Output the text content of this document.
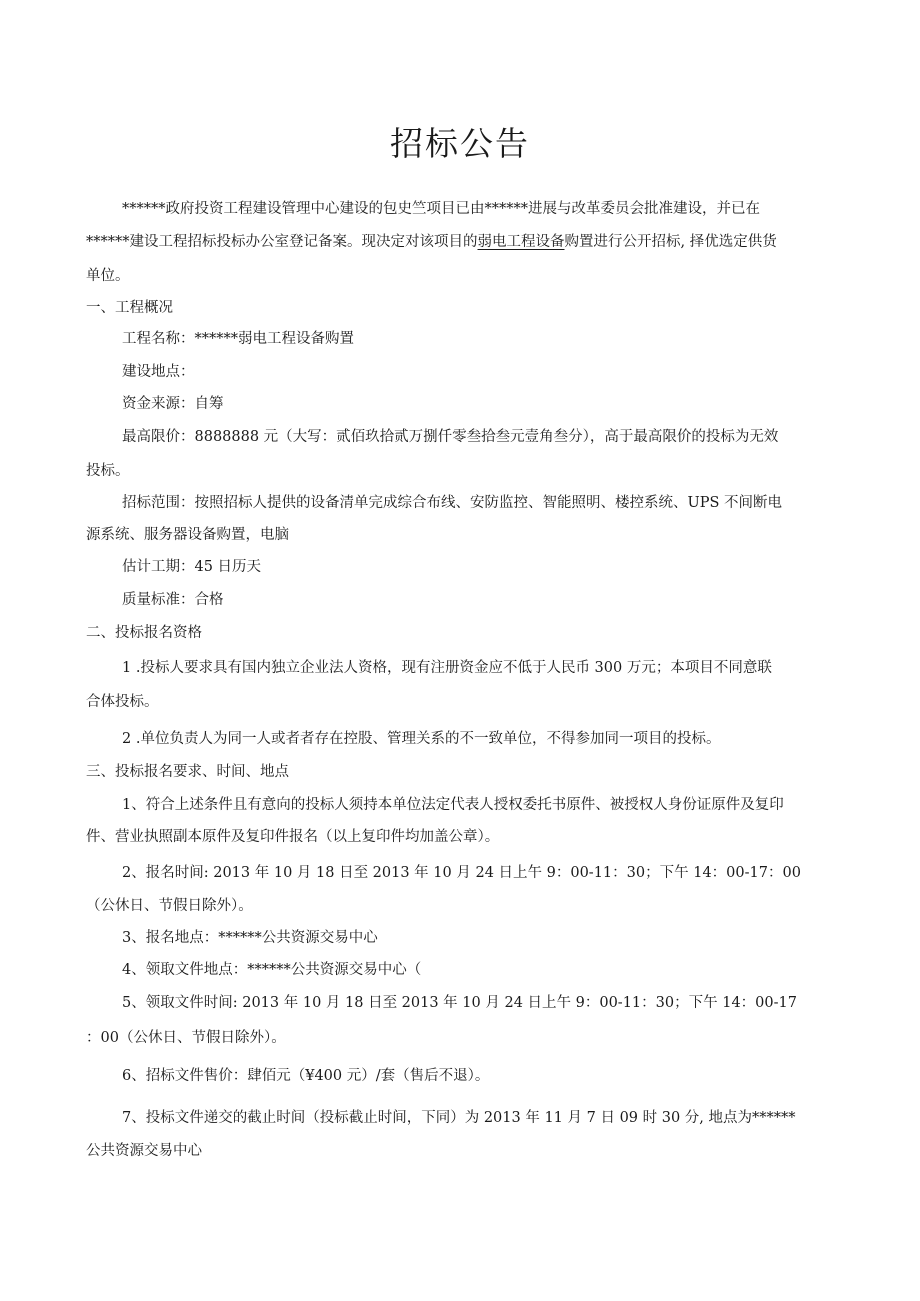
招标公告
******政府投资工程建设管理中心建设的包史竺项目已由******进展与改革委员会批准建设，并已在
******建设工程招标投标办公室登记备案。现决定对该项目的弱电工程设备购置进行公开招标, 择优选定供货
单位。
一、工程概况
工程名称：******弱电工程设备购置
建设地点：
资金来源：自筹
最高限价：8888888 元（大写：贰佰玖拾贰万捌仟零叁拾叁元壹角叁分），高于最高限价的投标为无效
投标。
招标范围：按照招标人提供的设备清单完成综合布线、安防监控、智能照明、楼控系统、UPS 不间断电
源系统、服务器设备购置，电脑
估计工期：45 日历天
质量标准：合格
二、投标报名资格
1 .投标人要求具有国内独立企业法人资格，现有注册资金应不低于人民币 300 万元；本项目不同意联
合体投标。
2 .单位负责人为同一人或者者存在控股、管理关系的不一致单位，不得参加同一项目的投标。
三、投标报名要求、时间、地点
1、符合上述条件且有意向的投标人须持本单位法定代表人授权委托书原件、被授权人身份证原件及复印
件、营业执照副本原件及复印件报名（以上复印件均加盖公章）。
2、报名时间: 2013 年 10 月 18 日至 2013 年 10 月 24 日上午 9：00-11：30；下午 14：00-17：00
（公休日、节假日除外）。
3、报名地点：******公共资源交易中心
4、领取文件地点：******公共资源交易中心（
5、领取文件时间: 2013 年 10 月 18 日至 2013 年 10 月 24 日上午 9：00-11：30；下午 14：00-17
：00（公休日、节假日除外）。
6、招标文件售价：肆佰元（¥400 元）/套（售后不退）。
7、投标文件递交的截止时间（投标截止时间，下同）为 2013 年 11 月 7 日 09 时 30 分, 地点为******
公共资源交易中心
